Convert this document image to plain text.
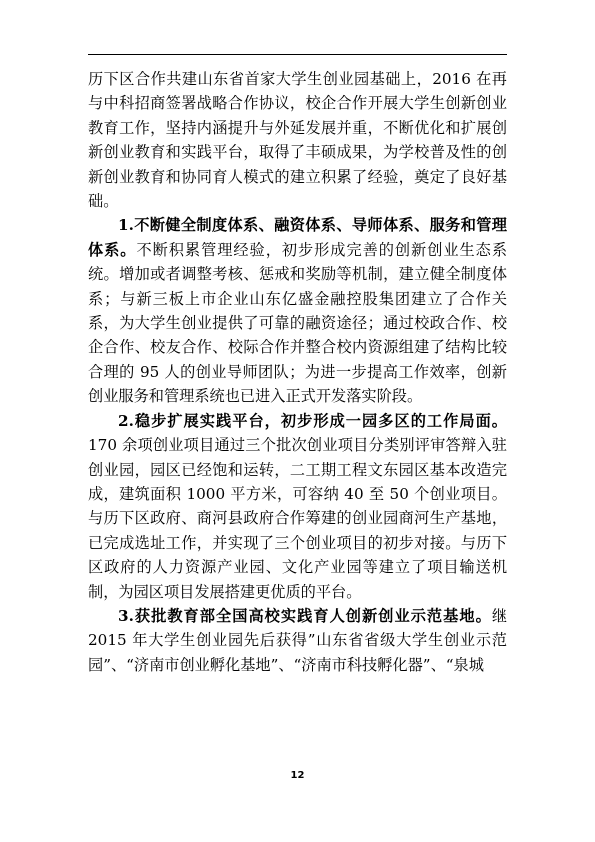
历下区合作共建山东省首家大学生创业园基础上，2016 在再与中科招商签署战略合作协议，校企合作开展大学生创新创业教育工作，坚持内涵提升与外延发展并重，不断优化和扩展创新创业教育和实践平台，取得了丰硕成果，为学校普及性的创新创业教育和协同育人模式的建立积累了经验，奠定了良好基础。

1.不断健全制度体系、融资体系、导师体系、服务和管理体系。不断积累管理经验，初步形成完善的创新创业生态系统。增加或者调整考核、惩戒和奖励等机制，建立健全制度体系；与新三板上市企业山东亿盛金融控股集团建立了合作关系，为大学生创业提供了可靠的融资途径；通过校政合作、校企合作、校友合作、校际合作并整合校内资源组建了结构比较合理的 95 人的创业导师团队；为进一步提高工作效率，创新创业服务和管理系统也已进入正式开发落实阶段。

2.稳步扩展实践平台，初步形成一园多区的工作局面。170 余项创业项目通过三个批次创业项目分类别评审答辩入驻创业园，园区已经饱和运转，二工期工程文东园区基本改造完成，建筑面积 1000 平方米，可容纳 40 至 50 个创业项目。与历下区政府、商河县政府合作筹建的创业园商河生产基地，已完成选址工作，并实现了三个创业项目的初步对接。与历下区政府的人力资源产业园、文化产业园等建立了项目输送机制，为园区项目发展搭建更优质的平台。

3.获批教育部全国高校实践育人创新创业示范基地。继2015 年大学生创业园先后获得”山东省省级大学生创业示范园”、“济南市创业孵化基地”、“济南市科技孵化器”、“泉城

12
